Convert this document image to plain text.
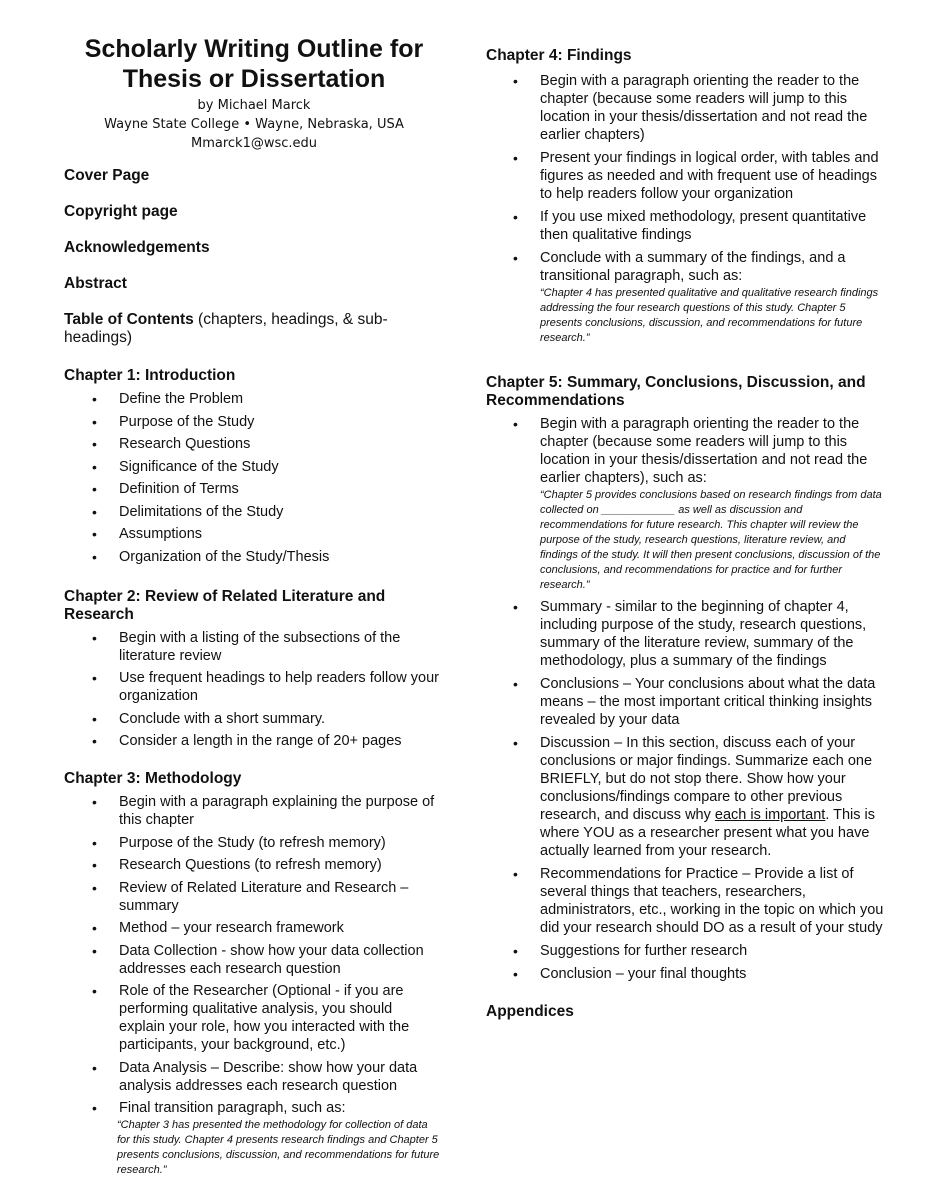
Scholarly Writing Outline for
Thesis or Dissertation
by Michael Marck
Wayne State College • Wayne, Nebraska, USA
Mmarck1@wsc.edu
Cover Page
Copyright page
Acknowledgements
Abstract
Table of Contents (chapters, headings, & sub-headings)
Chapter 1: Introduction
• Define the Problem
• Purpose of the Study
• Research Questions
• Significance of the Study
• Definition of Terms
• Delimitations of the Study
• Assumptions
• Organization of the Study/Thesis
Chapter 2: Review of Related Literature and Research
• Begin with a listing of the subsections of the literature review
• Use frequent headings to help readers follow your organization
• Conclude with a short summary.
• Consider a length in the range of 20+ pages
Chapter 3: Methodology
• Begin with a paragraph explaining the purpose of this chapter
• Purpose of the Study (to refresh memory)
• Research Questions (to refresh memory)
• Review of Related Literature and Research – summary
• Method – your research framework
• Data Collection - show how your data collection addresses each research question
• Role of the Researcher (Optional - if you are performing qualitative analysis, you should explain your role, how you interacted with the participants, your background, etc.)
• Data Analysis – Describe: show how your data analysis addresses each research question
• Final transition paragraph, such as:
“Chapter 3 has presented the methodology for collection of data for this study. Chapter 4 presents research findings and Chapter 5 presents conclusions, discussion, and recommendations for future research.”
Chapter 4: Findings
• Begin with a paragraph orienting the reader to the chapter (because some readers will jump to this location in your thesis/dissertation and not read the earlier chapters)
• Present your findings in logical order, with tables and figures as needed and with frequent use of headings to help readers follow your organization
• If you use mixed methodology, present quantitative then qualitative findings
• Conclude with a summary of the findings, and a transitional paragraph, such as:
“Chapter 4 has presented qualitative and qualitative research findings addressing the four research questions of this study. Chapter 5 presents conclusions, discussion, and recommendations for future research.”
Chapter 5: Summary, Conclusions, Discussion, and Recommendations
• Begin with a paragraph orienting the reader to the chapter (because some readers will jump to this location in your thesis/dissertation and not read the earlier chapters), such as:
“Chapter 5 provides conclusions based on research findings from data collected on ____________ as well as discussion and recommendations for future research. This chapter will review the purpose of the study, research questions, literature review, and findings of the study. It will then present conclusions, discussion of the conclusions, and recommendations for practice and for further research.”
• Summary - similar to the beginning of chapter 4, including purpose of the study, research questions, summary of the literature review, summary of the methodology, plus a summary of the findings
• Conclusions – Your conclusions about what the data means – the most important critical thinking insights revealed by your data
• Discussion – In this section, discuss each of your conclusions or major findings. Summarize each one BRIEFLY, but do not stop there. Show how your conclusions/findings compare to other previous research, and discuss why each is important. This is where YOU as a researcher present what you have actually learned from your research.
• Recommendations for Practice – Provide a list of several things that teachers, researchers, administrators, etc., working in the topic on which you did your research should DO as a result of your study
• Suggestions for further research
• Conclusion – your final thoughts
Appendices
